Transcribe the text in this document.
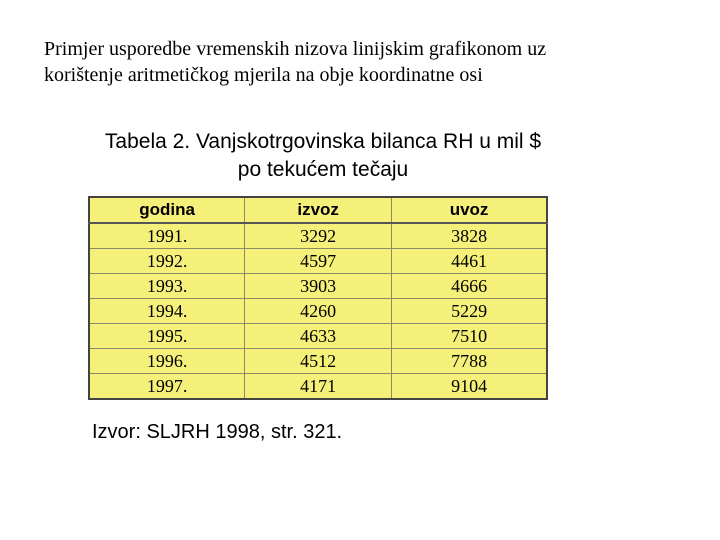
Primjer usporedbe vremenskih nizova linijskim grafikonom uz
korištenje aritmetičkog mjerila na obje koordinatne osi
Tabela 2. Vanjskotrgovinska bilanca RH u mil $
po tekućem tečaju
godina	izvoz	uvoz
1991.	3292	3828
1992.	4597	4461
1993.	3903	4666
1994.	4260	5229
1995.	4633	7510
1996.	4512	7788
1997.	4171	9104
Izvor: SLJRH 1998, str. 321.
